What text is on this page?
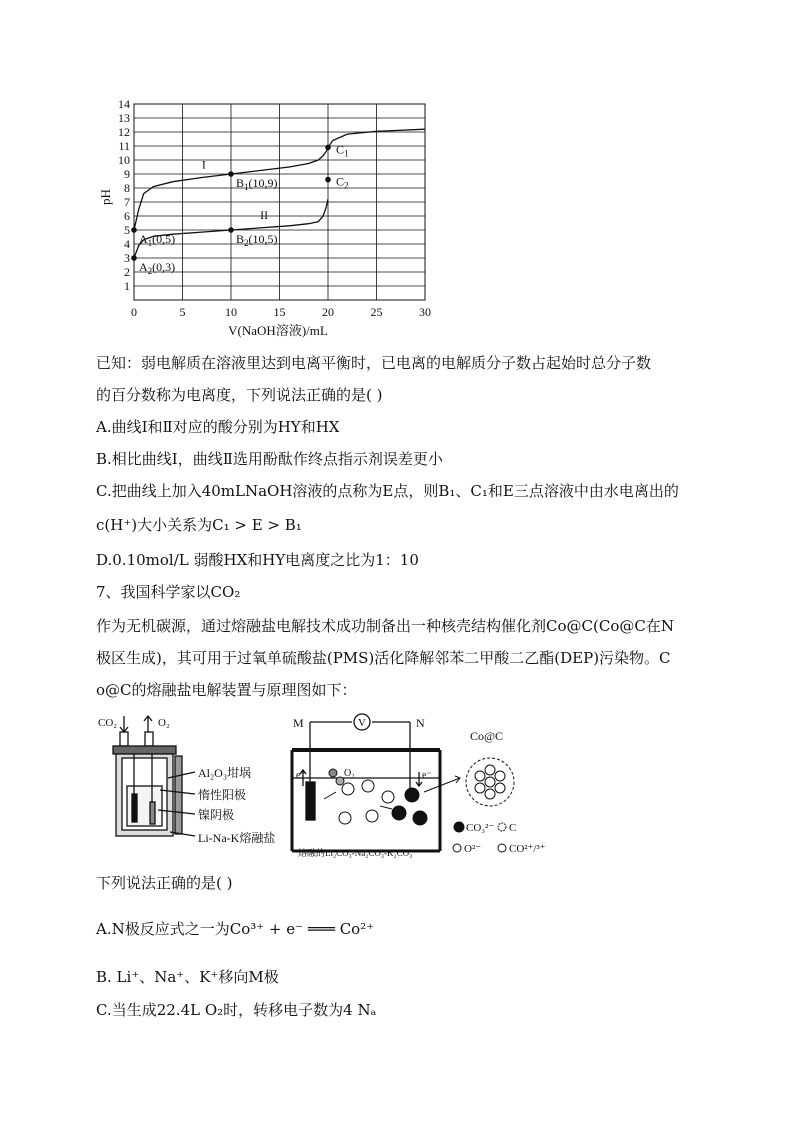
1
2
3
4
5
6
7
8
9
10
11
12
13
14
0	5	10	15	20	25	30
I
II
$A_1(0,5)$
$A_2(0,3)$
$B_1(10,9)$
$B_2(10,5)$
$C_1$
$C_2$
pH
V(NaOH溶液)/mL
已知：弱电解质在溶液里达到电离平衡时，已电离的电解质分子数占起始时总分子数
的百分数称为电离度，下列说法正确的是( )
A.曲线Ⅰ和Ⅱ对应的酸分别为HY和HX
B.相比曲线Ⅰ，曲线Ⅱ选用酚酞作终点指示剂误差更小
C.把曲线上加入40mLNaOH溶液的点称为E点，则B₁、C₁和E三点溶液中由水电离出的
c(H⁺)大小关系为C₁ > E > B₁
D.0.10mol/L 弱酸HX和HY电离度之比为1：10
7、我国科学家以CO₂
作为无机碳源，通过熔融盐电解技术成功制备出一种核壳结构催化剂Co@C(Co@C在N
极区生成)，其可用于过氧单硫酸盐(PMS)活化降解邻苯二甲酸二乙酯(DEP)污染物。C
o@C的熔融盐电解装置与原理图如下：
CO₂	O₂
Al₂O₃坩埚
惰性阳极
镍阴极
Li-Na-K熔融盐
M	N
V
e⁻	e⁻
O₂
熔融的Li₂CO₃-Na₂CO₃-K₂CO₃
Co@C
CO₃²⁻ C
O²⁻	CO²⁺/³⁺
下列说法正确的是( )
A.N极反应式之一为Co³⁺ + e⁻ ═══ Co²⁺
B. Li⁺、Na⁺、K⁺移向M极
C.当生成22.4L O₂时，转移电子数为4 Nₐ
